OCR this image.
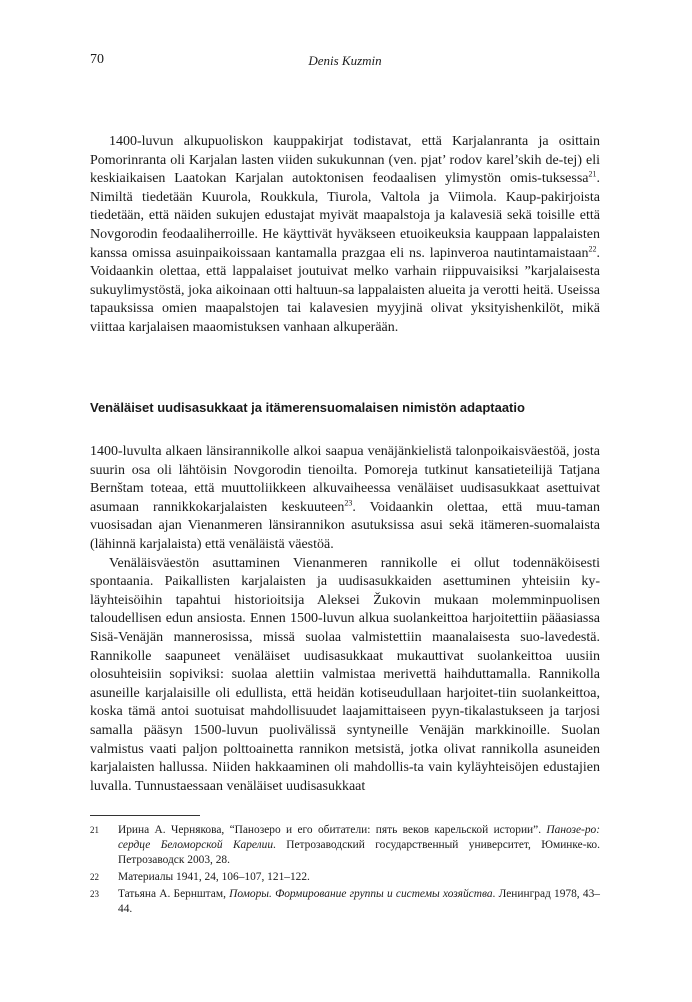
70	Denis Kuzmin

1400-luvun alkupuoliskon kauppakirjat todistavat, että Karjalanranta ja osittain Pomorinranta oli Karjalan lasten viiden sukukunnan (ven. pjat’ rodov karel’skih de-tej) eli keskiaikaisen Laatokan Karjalan autoktonisen feodaalisen ylimystön omis-tuksessa$^{21}$. Nimiltä tiedetään Kuurola, Roukkula, Tiurola, Valtola ja Viimola. Kaup-pakirjoista tiedetään, että näiden sukujen edustajat myivät maapalstoja ja kalavesiä sekä toisille että Novgorodin feodaaliherroille. He käyttivät hyväkseen etuoikeuksia kauppaan lappalaisten kanssa omissa asuinpaikoissaan kantamalla prazgaa eli ns. lapinveroa nautintamaistaan$^{22}$. Voidaankin olettaa, että lappalaiset joutuivat melko varhain riippuvaisiksi ”karjalaisesta sukuylimystöstä, joka aikoinaan otti haltuun-sa lappalaisten alueita ja verotti heitä. Useissa tapauksissa omien maapalstojen tai kalavesien myyjinä olivat yksityishenkilöt, mikä viittaa karjalaisen maaomistuksen vanhaan alkuperään.

Venäläiset uudisasukkaat ja itämerensuomalaisen nimistön adaptaatio

1400-luvulta alkaen länsirannikolle alkoi saapua venäjänkielistä talonpoikaisväestöä, josta suurin osa oli lähtöisin Novgorodin tienoilta. Pomoreja tutkinut kansatieteilijä Tatjana Bernštam toteaa, että muuttoliikkeen alkuvaiheessa venäläiset uudisasukkaat asettuivat asumaan rannikkokarjalaisten keskuuteen$^{23}$. Voidaankin olettaa, että muu-taman vuosisadan ajan Vienanmeren länsirannikon asutuksissa asui sekä itämeren-suomalaista (lähinnä karjalaista) että venäläistä väestöä.

Venäläisväestön asuttaminen Vienanmeren rannikolle ei ollut todennäköisesti spontaania. Paikallisten karjalaisten ja uudisasukkaiden asettuminen yhteisiin ky-läyhteisöihin tapahtui historioitsija Aleksei Žukovin mukaan molemminpuolisen taloudellisen edun ansiosta. Ennen 1500-luvun alkua suolankeittoa harjoitettiin pääasiassa Sisä-Venäjän mannerosissa, missä suolaa valmistettiin maanalaisesta suo-lavedestä. Rannikolle saapuneet venäläiset uudisasukkaat mukauttivat suolankeittoa uusiin olosuhteisiin sopiviksi: suolaa alettiin valmistaa merivettä haihduttamalla. Rannikolla asuneille karjalaisille oli edullista, että heidän kotiseudullaan harjoitet-tiin suolankeittoa, koska tämä antoi suotuisat mahdollisuudet laajamittaiseen pyyn-tikalastukseen ja tarjosi samalla pääsyn 1500-luvun puolivälissä syntyneille Venäjän markkinoille. Suolan valmistus vaati paljon polttoainetta rannikon metsistä, jotka olivat rannikolla asuneiden karjalaisten hallussa. Niiden hakkaaminen oli mahdollis-ta vain kyläyhteisöjen edustajien luvalla. Tunnustaessaan venäläiset uudisasukkaat

21 Ирина А. Чернякова, “Панозеро и его обитатели: пять веков карельской истории”. Панозе-ро: сердце Беломорской Карелии. Петрозаводский государственный университет, Юминке-ко. Петрозаводск 2003, 28.
22 Материалы 1941, 24, 106–107, 121–122.
23 Татьяна А. Бернштам, Поморы. Формирование группы и системы хозяйства. Ленинград 1978, 43–44.
